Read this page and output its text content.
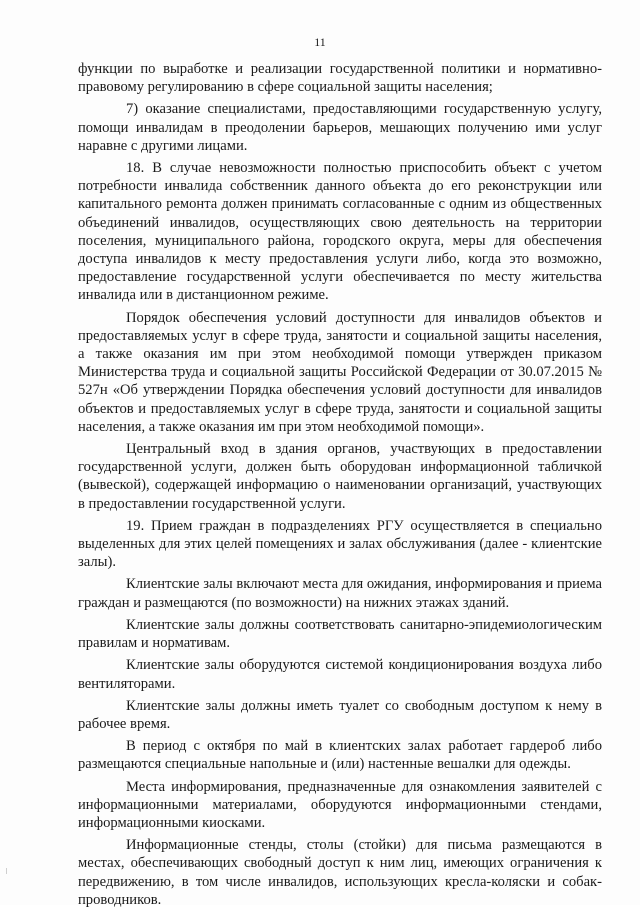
11

функции по выработке и реализации государственной политики и нормативно-правовому регулированию в сфере социальной защиты населения;

7) оказание специалистами, предоставляющими государственную услугу, помощи инвалидам в преодолении барьеров, мешающих получению ими услуг наравне с другими лицами.

18. В случае невозможности полностью приспособить объект с учетом потребности инвалида собственник данного объекта до его реконструкции или капитального ремонта должен принимать согласованные с одним из общественных объединений инвалидов, осуществляющих свою деятельность на территории поселения, муниципального района, городского округа, меры для обеспечения доступа инвалидов к месту предоставления услуги либо, когда это возможно, предоставление государственной услуги обеспечивается по месту жительства инвалида или в дистанционном режиме.

Порядок обеспечения условий доступности для инвалидов объектов и предоставляемых услуг в сфере труда, занятости и социальной защиты населения, а также оказания им при этом необходимой помощи утвержден приказом Министерства труда и социальной защиты Российской Федерации от 30.07.2015 № 527н «Об утверждении Порядка обеспечения условий доступности для инвалидов объектов и предоставляемых услуг в сфере труда, занятости и социальной защиты населения, а также оказания им при этом необходимой помощи».

Центральный вход в здания органов, участвующих в предоставлении государственной услуги, должен быть оборудован информационной табличкой (вывеской), содержащей информацию о наименовании организаций, участвующих в предоставлении государственной услуги.

19. Прием граждан в подразделениях РГУ осуществляется в специально выделенных для этих целей помещениях и залах обслуживания (далее - клиентские залы).

Клиентские залы включают места для ожидания, информирования и приема граждан и размещаются (по возможности) на нижних этажах зданий.

Клиентские залы должны соответствовать санитарно-эпидемиологическим правилам и нормативам.

Клиентские залы оборудуются системой кондиционирования воздуха либо вентиляторами.

Клиентские залы должны иметь туалет со свободным доступом к нему в рабочее время.

В период с октября по май в клиентских залах работает гардероб либо размещаются специальные напольные и (или) настенные вешалки для одежды.

Места информирования, предназначенные для ознакомления заявителей с информационными материалами, оборудуются информационными стендами, информационными киосками.

Информационные стенды, столы (стойки) для письма размещаются в местах, обеспечивающих свободный доступ к ним лиц, имеющих ограничения к передвижению, в том числе инвалидов, использующих кресла-коляски и собак-проводников.
